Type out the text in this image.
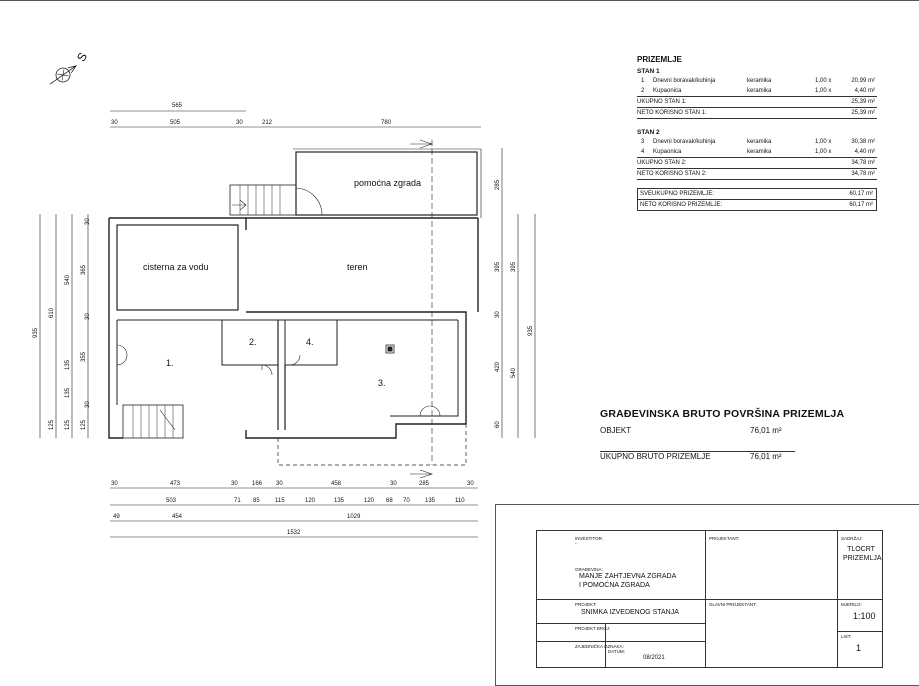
S
cisterna za vodu	teren
pomoćna zgrada
1.
2.
3.
4.
565
30	505	30	212	780
30	473	30 166 30	458	30	285	30
503	71 85	115	120	135	120 68 70	135	110
49	454	1029
1532
935
610
540
135
125
365
355
135
125
30
30
30
125
285
395
420
60
30
395
540
935
PRIZEMLJE
STAN 1
1 Dnevni boravak/kuhinja	keramika	1,00 x	20,99 m²
2 Kupaonica	keramika	1,00 x	4,40 m²
UKUPNO STAN 1:	25,39 m²
NETO KORISNO STAN 1:	25,39 m²
STAN 2
3 Dnevni boravak/kuhinja	keramika	1,00 x	30,38 m²
4 Kupaonica	keramika	1,00 x	4,40 m²
UKUPNO STAN 2:	34,78 m²
NETO KORISNO STAN 2:	34,78 m²
SVEUKUPNO PRIZEMLJE:	60,17 m²
NETO KORISNO PRIZEMLJE:	60,17 m²
GRAĐEVINSKA BRUTO POVRŠINA PRIZEMLJA
OBJEKT	76,01 m²
UKUPNO BRUTO PRIZEMLJE	76,01 m²
INVESTITOR:
-
PROJEKTANT:	SADRŽAJ:
TLOCRT PRIZEMLJA
GRAĐEVINA:
MANJE ZAHTJEVNA ZGRADA
I POMOĆNA ZGRADA
PROJEKT:
SNIMKA IZVEDENOG STANJA
GLAVNI PROJEKTANT:	MJERILO:
1:100
PROJEKT BROJ:
LIST:
1
ZAJEDNIČKA OZNAKA:
DATUM:
08/2021
